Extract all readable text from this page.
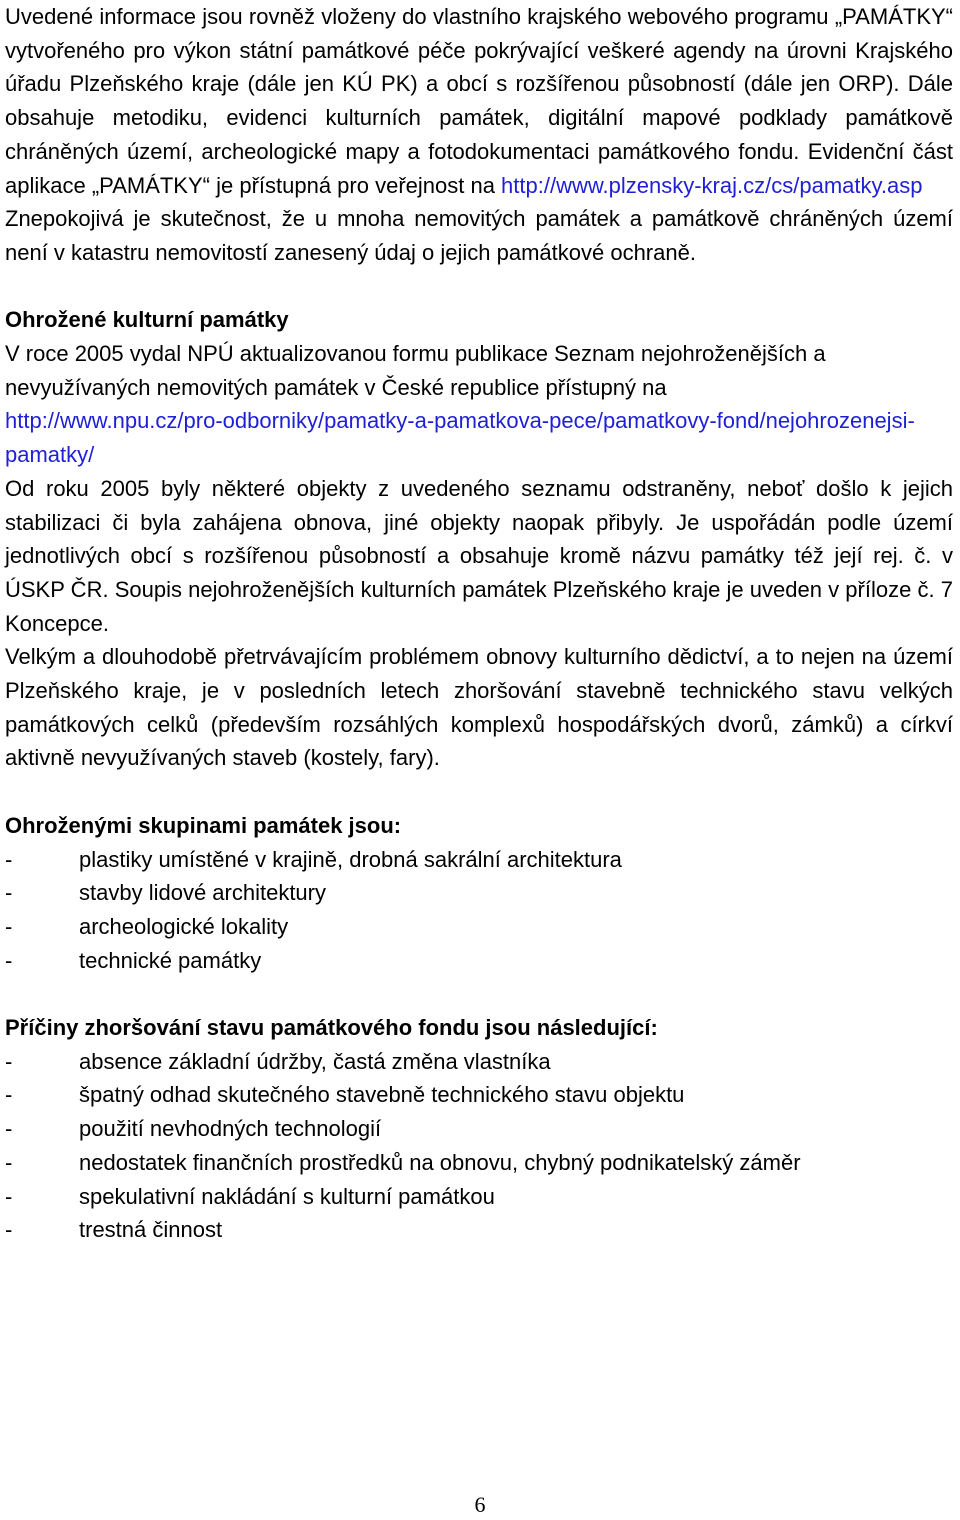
Uvedené informace jsou rovněž vloženy do vlastního krajského webového programu „PAMÁTKY“ vytvořeného pro výkon státní památkové péče pokrývající veškeré agendy na úrovni Krajského úřadu Plzeňského kraje (dále jen KÚ PK) a obcí s rozšířenou působností (dále jen ORP). Dále obsahuje metodiku, evidenci kulturních památek, digitální mapové podklady památkově chráněných území, archeologické mapy a fotodokumentaci památkového fondu. Evidenční část aplikace „PAMÁTKY“ je přístupná pro veřejnost na http://www.plzensky-kraj.cz/cs/pamatky.asp

Znepokojivá je skutečnost, že u mnoha nemovitých památek a památkově chráněných území není v katastru nemovitostí zanesený údaj o jejich památkové ochraně.

Ohrožené kulturní památky

V roce 2005 vydal NPÚ aktualizovanou formu publikace Seznam nejohroženějších a nevyužívaných nemovitých památek v České republice přístupný na

http://www.npu.cz/pro-odborniky/pamatky-a-pamatkova-pece/pamatkovy-fond/nejohrozenejsi-pamatky/

Od roku 2005 byly některé objekty z uvedeného seznamu odstraněny, neboť došlo k jejich stabilizaci či byla zahájena obnova, jiné objekty naopak přibyly. Je uspořádán podle území jednotlivých obcí s rozšířenou působností a obsahuje kromě názvu památky též její rej. č. v ÚSKP ČR. Soupis nejohroženějších kulturních památek Plzeňského kraje je uveden v příloze č. 7 Koncepce.

Velkým a dlouhodobě přetrvávajícím problémem obnovy kulturního dědictví, a to nejen na území Plzeňského kraje, je v posledních letech zhoršování stavebně technického stavu velkých památkových celků (především rozsáhlých komplexů hospodářských dvorů, zámků) a církví aktivně nevyužívaných staveb (kostely, fary).

Ohroženými skupinami památek jsou:

-	plastiky umístěné v krajině, drobná sakrální architektura
-	stavby lidové architektury
-	archeologické lokality
-	technické památky

Příčiny zhoršování stavu památkového fondu jsou následující:

-	absence základní údržby, častá změna vlastníka
-	špatný odhad skutečného stavebně technického stavu objektu
-	použití nevhodných technologií
-	nedostatek finančních prostředků na obnovu, chybný podnikatelský záměr
-	spekulativní nakládání s kulturní památkou
-	trestná činnost
6
